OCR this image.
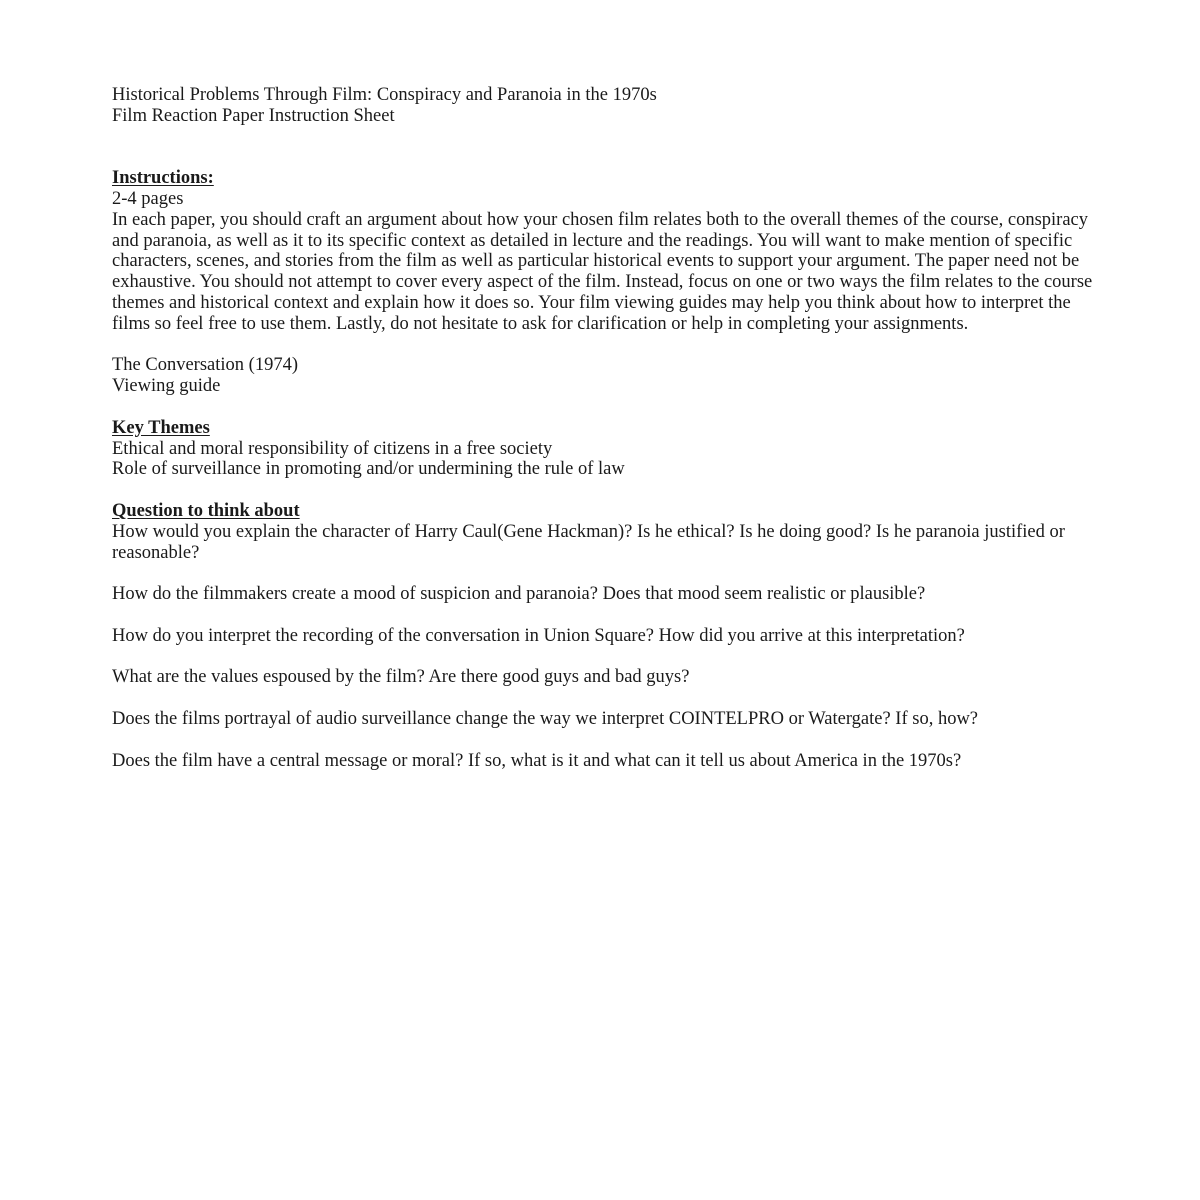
Historical Problems Through Film: Conspiracy and Paranoia in the 1970s
Film Reaction Paper Instruction Sheet
Instructions:
2-4 pages

In each paper, you should craft an argument about how your chosen film relates both to the overall themes of the course, conspiracy and paranoia, as well as it to its specific context as detailed in lecture and the readings. You will want to make mention of specific characters, scenes, and stories from the film as well as particular historical events to support your argument. The paper need not be exhaustive. You should not attempt to cover every aspect of the film. Instead, focus on one or two ways the film relates to the course themes and historical context and explain how it does so. Your film viewing guides may help you think about how to interpret the films so feel free to use them. Lastly, do not hesitate to ask for clarification or help in completing your assignments.

The Conversation (1974)
Viewing guide
Key Themes
Ethical and moral responsibility of citizens in a free society
Role of surveillance in promoting and/or undermining the rule of law
Question to think about

How would you explain the character of Harry Caul(Gene Hackman)? Is he ethical? Is he doing good? Is he paranoia justified or reasonable?

How do the filmmakers create a mood of suspicion and paranoia? Does that mood seem realistic or plausible?

How do you interpret the recording of the conversation in Union Square? How did you arrive at this interpretation?

What are the values espoused by the film? Are there good guys and bad guys?

Does the films portrayal of audio surveillance change the way we interpret COINTELPRO or Watergate? If so, how?

Does the film have a central message or moral? If so, what is it and what can it tell us about America in the 1970s?
